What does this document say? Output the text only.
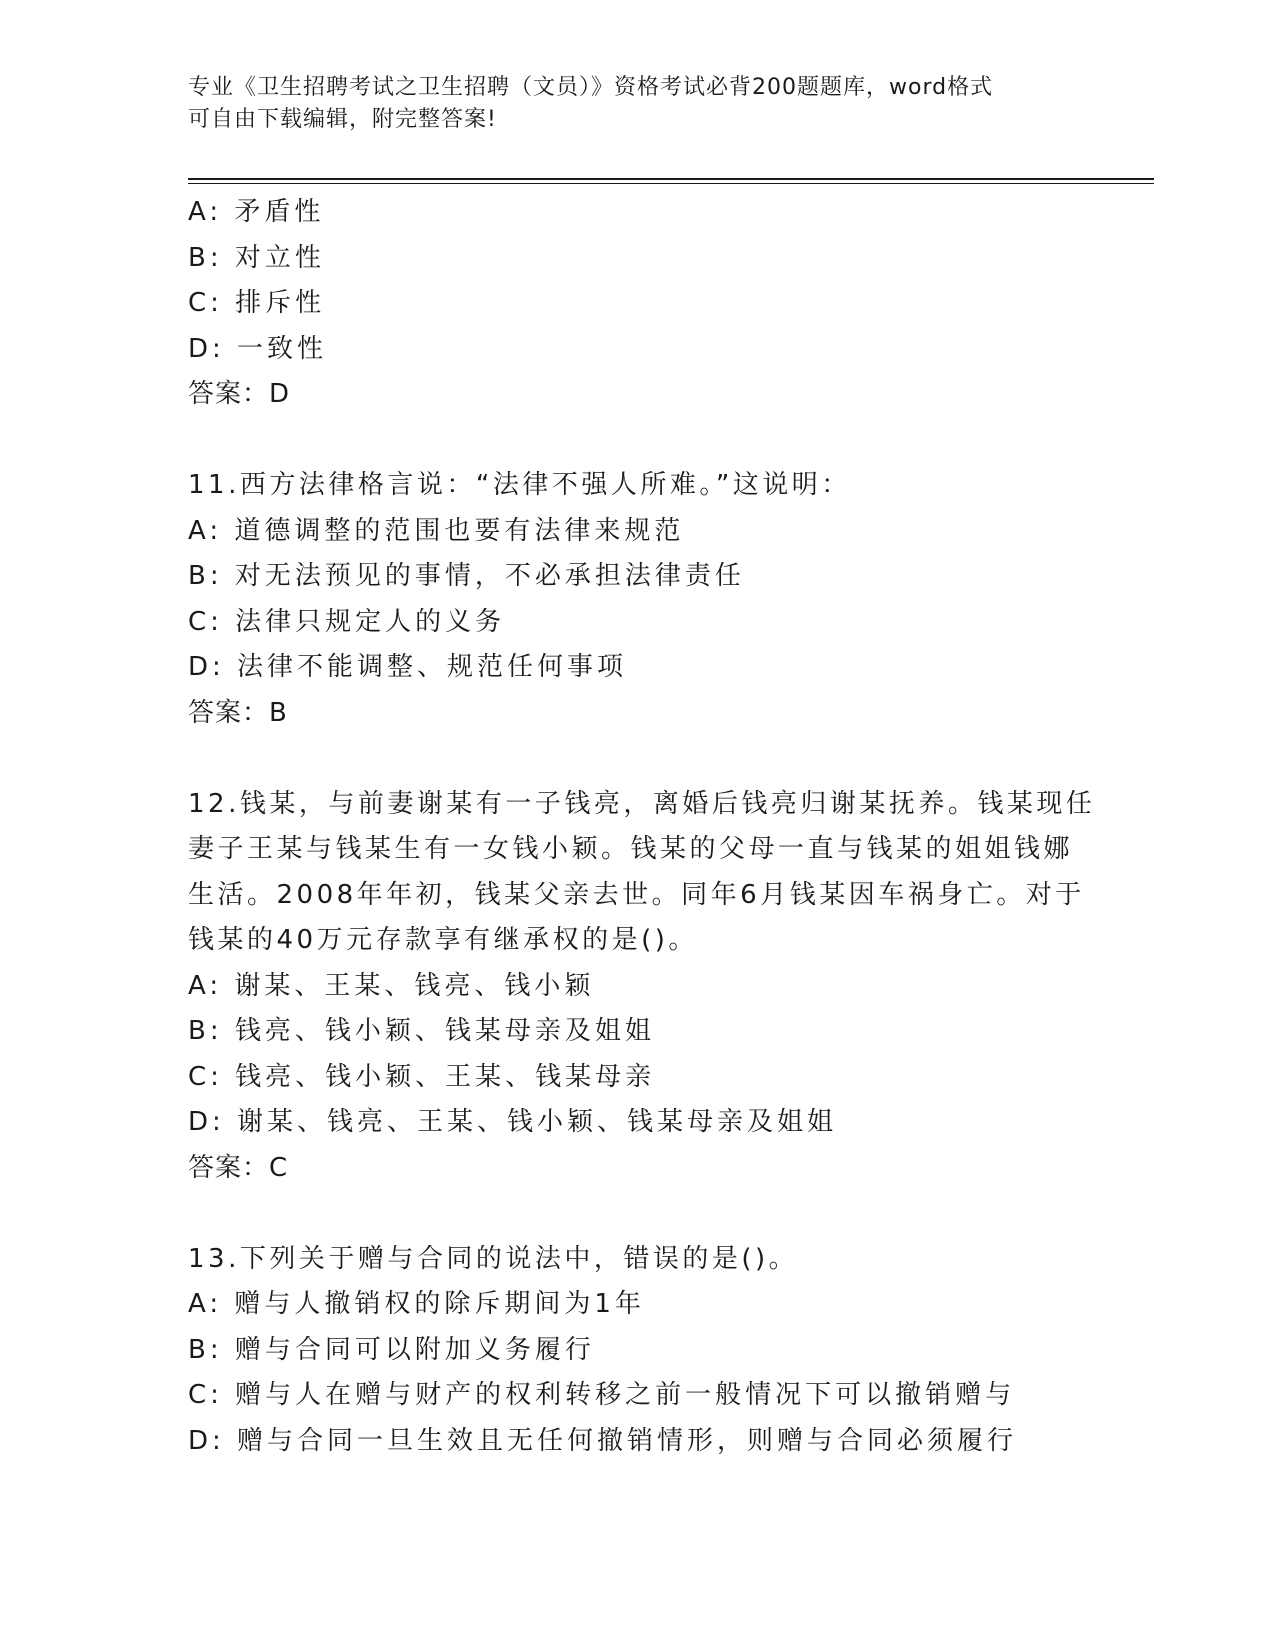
专业《卫生招聘考试之卫生招聘（文员）》资格考试必背200题题库，word格式
可自由下载编辑，附完整答案!
A: 矛盾性
B: 对立性
C: 排斥性
D: 一致性
答案：D
11.西方法律格言说：“法律不强人所难。”这说明：
A: 道德调整的范围也要有法律来规范
B: 对无法预见的事情，不必承担法律责任
C: 法律只规定人的义务
D: 法律不能调整、规范任何事项
答案：B
12.钱某，与前妻谢某有一子钱亮，离婚后钱亮归谢某抚养。钱某现任
妻子王某与钱某生有一女钱小颖。钱某的父母一直与钱某的姐姐钱娜
生活。2008年年初，钱某父亲去世。同年6月钱某因车祸身亡。对于
钱某的40万元存款享有继承权的是()。
A: 谢某、王某、钱亮、钱小颖
B: 钱亮、钱小颖、钱某母亲及姐姐
C: 钱亮、钱小颖、王某、钱某母亲
D: 谢某、钱亮、王某、钱小颖、钱某母亲及姐姐
答案：C
13.下列关于赠与合同的说法中，错误的是()。
A: 赠与人撤销权的除斥期间为1年
B: 赠与合同可以附加义务履行
C: 赠与人在赠与财产的权利转移之前一般情况下可以撤销赠与
D: 赠与合同一旦生效且无任何撤销情形，则赠与合同必须履行
